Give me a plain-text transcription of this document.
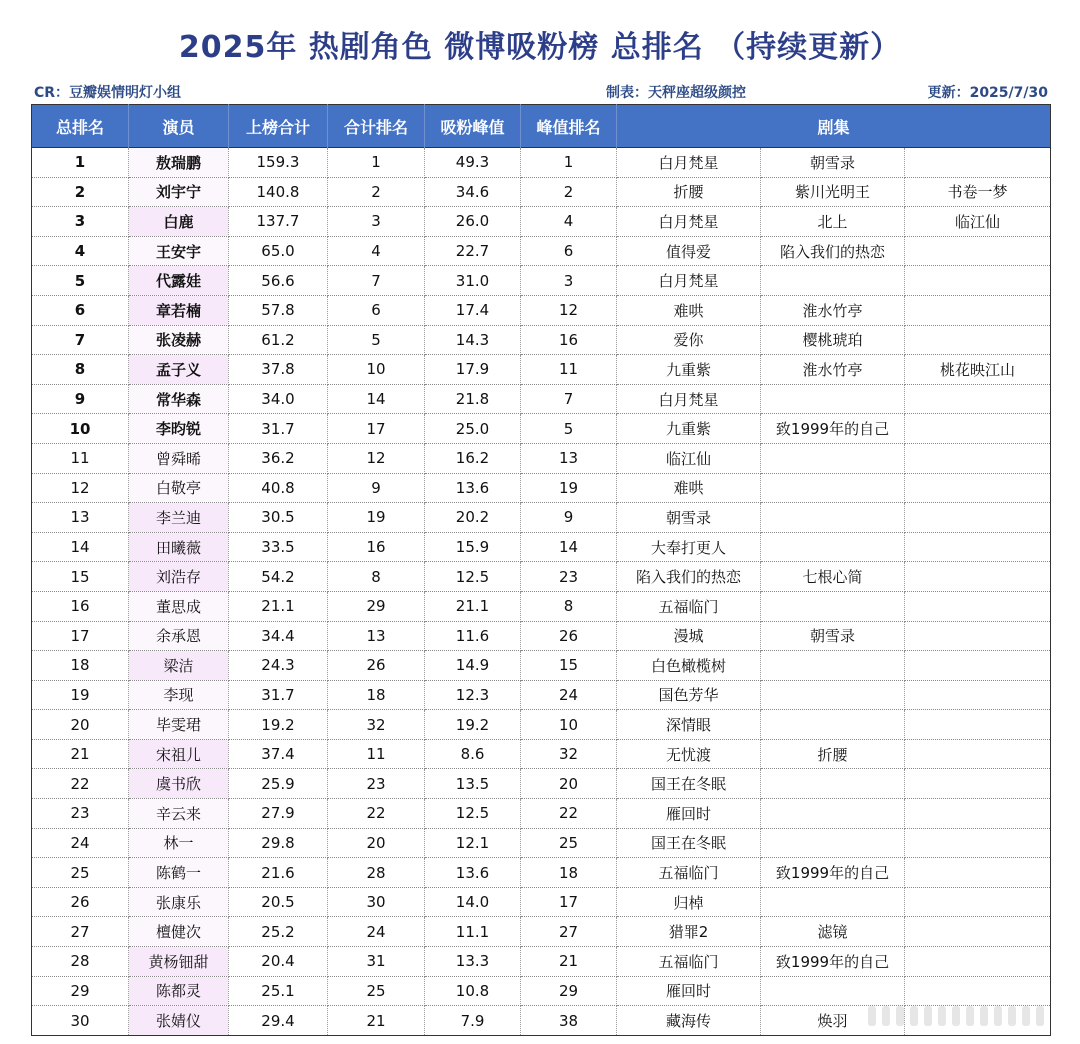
2025年 热剧角色 微博吸粉榜 总排名 （持续更新）
CR：豆瓣娱情明灯小组	制表：天秤座超级颜控	更新：2025/7/30
总排名	演员	上榜合计	合计排名	吸粉峰值	峰值排名	剧集		
1	敖瑞鹏	159.3	1	49.3	1	白月梵星	朝雪录	
2	刘宇宁	140.8	2	34.6	2	折腰	紫川光明王	书卷一梦
3	白鹿	137.7	3	26.0	4	白月梵星	北上	临江仙
4	王安宇	65.0	4	22.7	6	值得爱	陷入我们的热恋	
5	代露娃	56.6	7	31.0	3	白月梵星		
6	章若楠	57.8	6	17.4	12	难哄	淮水竹亭	
7	张凌赫	61.2	5	14.3	16	爱你	樱桃琥珀	
8	孟子义	37.8	10	17.9	11	九重紫	淮水竹亭	桃花映江山
9	常华森	34.0	14	21.8	7	白月梵星		
10	李昀锐	31.7	17	25.0	5	九重紫	致1999年的自己	
11	曾舜晞	36.2	12	16.2	13	临江仙		
12	白敬亭	40.8	9	13.6	19	难哄		
13	李兰迪	30.5	19	20.2	9	朝雪录		
14	田曦薇	33.5	16	15.9	14	大奉打更人		
15	刘浩存	54.2	8	12.5	23	陷入我们的热恋	七根心简	
16	董思成	21.1	29	21.1	8	五福临门		
17	余承恩	34.4	13	11.6	26	漫城	朝雪录	
18	梁洁	24.3	26	14.9	15	白色橄榄树		
19	李现	31.7	18	12.3	24	国色芳华		
20	毕雯珺	19.2	32	19.2	10	深情眼		
21	宋祖儿	37.4	11	8.6	32	无忧渡	折腰	
22	虞书欣	25.9	23	13.5	20	国王在冬眠		
23	辛云来	27.9	22	12.5	22	雁回时		
24	林一	29.8	20	12.1	25	国王在冬眠		
25	陈鹤一	21.6	28	13.6	18	五福临门	致1999年的自己	
26	张康乐	20.5	30	14.0	17	归棹		
27	檀健次	25.2	24	11.1	27	猎罪2	滤镜	
28	黄杨钿甜	20.4	31	13.3	21	五福临门	致1999年的自己	
29	陈都灵	25.1	25	10.8	29	雁回时		
30	张婧仪	29.4	21	7.9	38	藏海传	焕羽	
